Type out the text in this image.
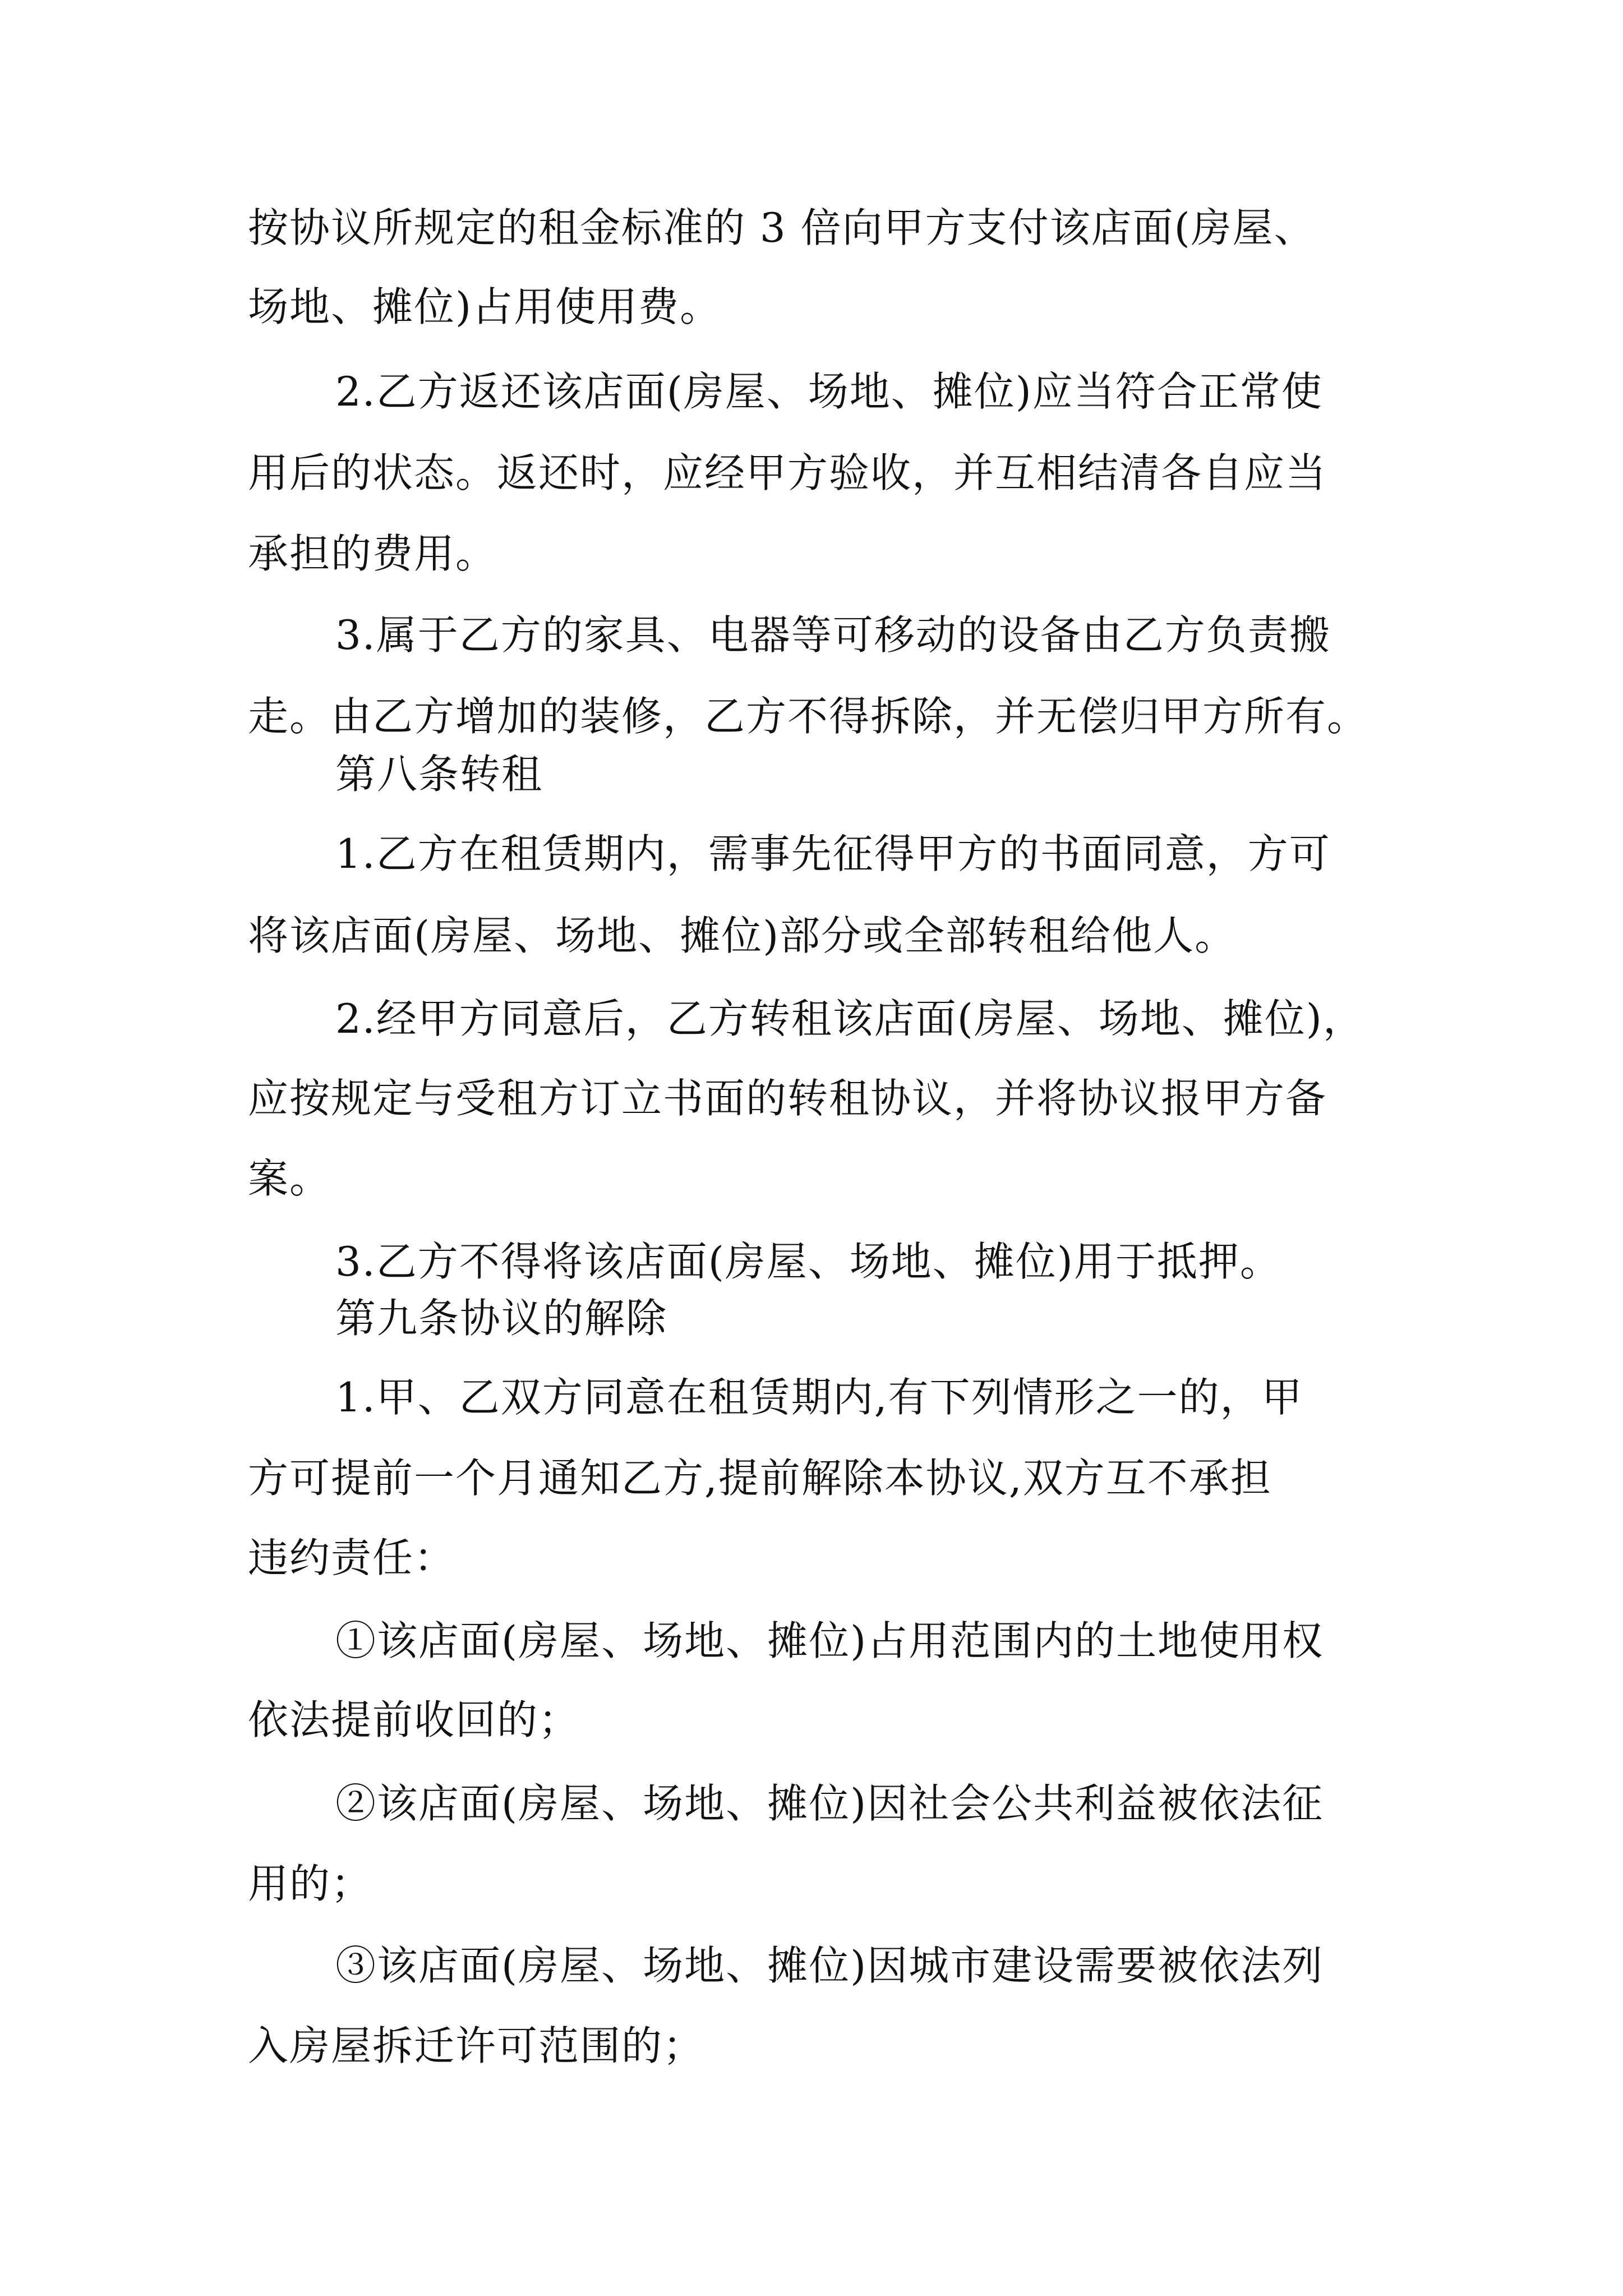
按协议所规定的租金标准的 3 倍向甲方支付该店面(房屋、
场地、摊位)占用使用费。
2.乙方返还该店面(房屋、场地、摊位)应当符合正常使
用后的状态。返还时，应经甲方验收，并互相结清各自应当
承担的费用。
3.属于乙方的家具、电器等可移动的设备由乙方负责搬
走。由乙方增加的装修，乙方不得拆除，并无偿归甲方所有。
第八条转租
1.乙方在租赁期内，需事先征得甲方的书面同意，方可
将该店面(房屋、场地、摊位)部分或全部转租给他人。
2.经甲方同意后，乙方转租该店面(房屋、场地、摊位)，
应按规定与受租方订立书面的转租协议，并将协议报甲方备
案。
3.乙方不得将该店面(房屋、场地、摊位)用于抵押。
第九条协议的解除
1.甲、乙双方同意在租赁期内,有下列情形之一的，甲
方可提前一个月通知乙方,提前解除本协议,双方互不承担
违约责任：
①该店面(房屋、场地、摊位)占用范围内的土地使用权
依法提前收回的；
②该店面(房屋、场地、摊位)因社会公共利益被依法征
用的；
③该店面(房屋、场地、摊位)因城市建设需要被依法列
入房屋拆迁许可范围的；
